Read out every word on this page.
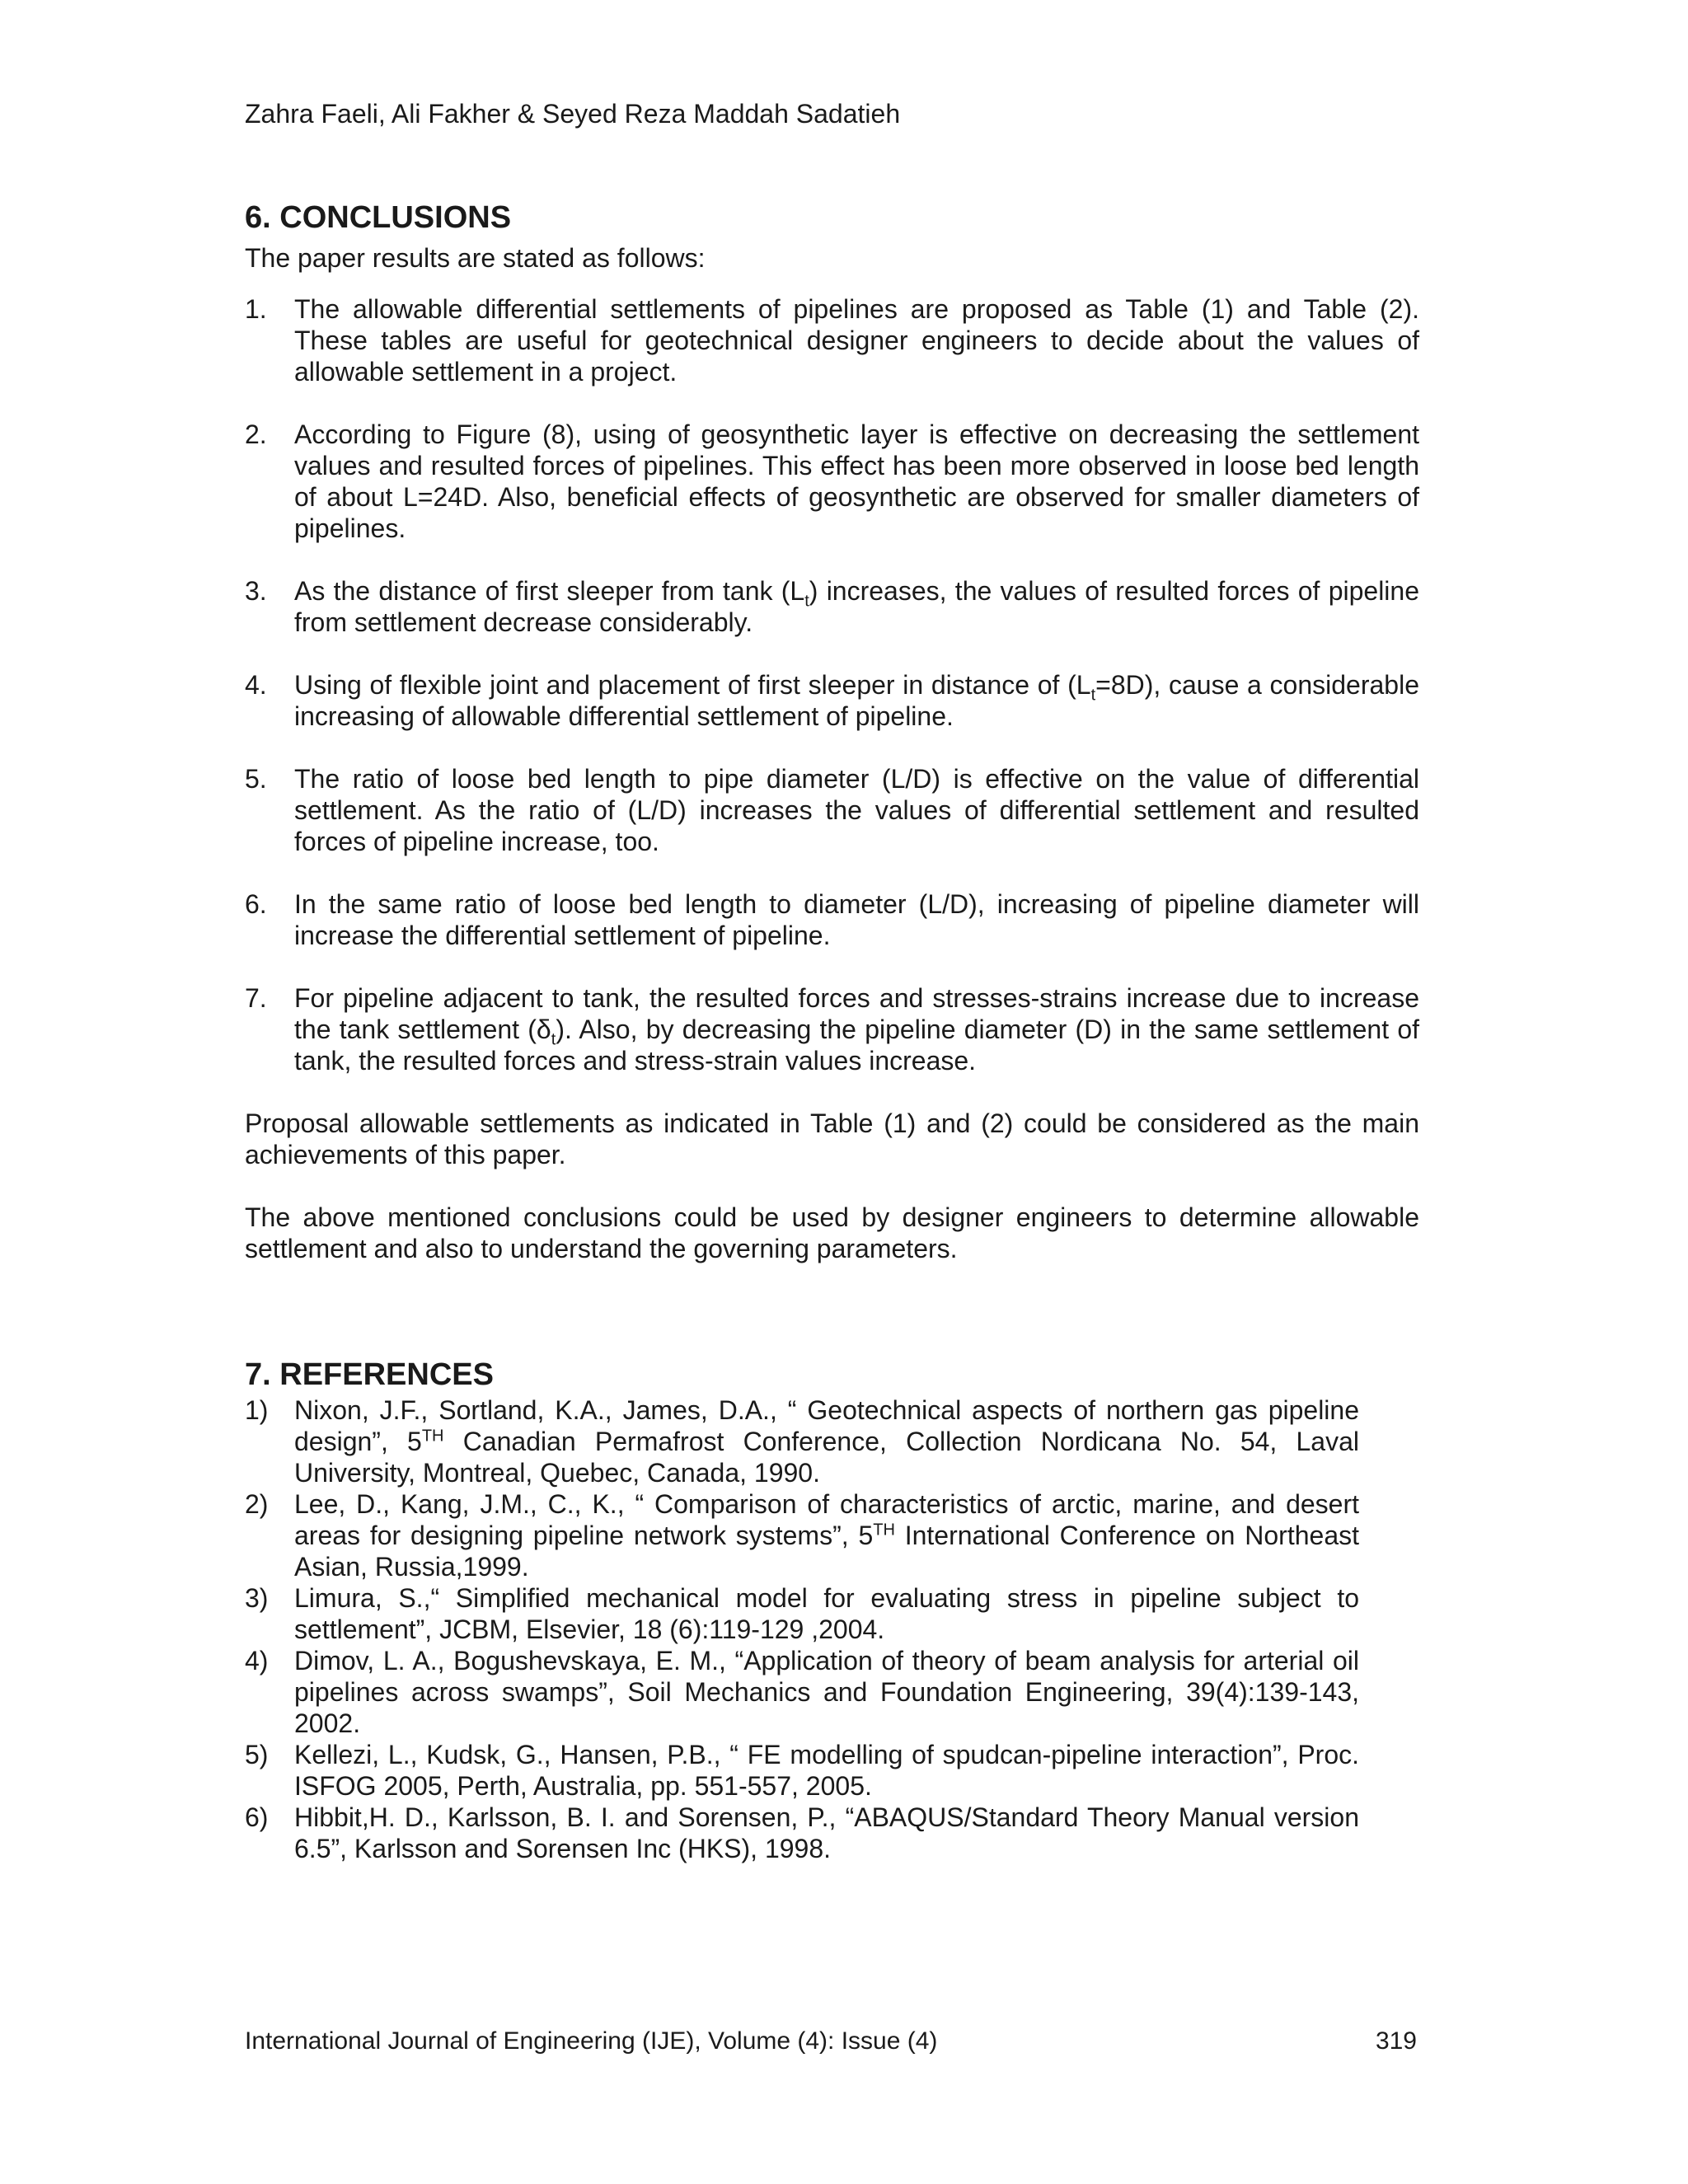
Zahra Faeli, Ali Fakher & Seyed Reza Maddah Sadatieh
6. CONCLUSIONS

The paper results are stated as follows:

1. The allowable differential settlements of pipelines are proposed as Table (1) and Table (2). These tables are useful for geotechnical designer engineers to decide about the values of allowable settlement in a project.
2. According to Figure (8), using of geosynthetic layer is effective on decreasing the settlement values and resulted forces of pipelines. This effect has been more observed in loose bed length of about L=24D. Also, beneficial effects of geosynthetic are observed for smaller diameters of pipelines.
3. As the distance of first sleeper from tank $(L_t)$ increases, the values of resulted forces of pipeline from settlement decrease considerably.
4. Using of flexible joint and placement of first sleeper in distance of $(L_t=8D)$, cause a considerable increasing of allowable differential settlement of pipeline.
5. The ratio of loose bed length to pipe diameter (L/D) is effective on the value of differential settlement. As the ratio of (L/D) increases the values of differential settlement and resulted forces of pipeline increase, too.
6. In the same ratio of loose bed length to diameter (L/D), increasing of pipeline diameter will increase the differential settlement of pipeline.
7. For pipeline adjacent to tank, the resulted forces and stresses-strains increase due to increase the tank settlement $(\delta_t)$. Also, by decreasing the pipeline diameter (D) in the same settlement of tank, the resulted forces and stress-strain values increase.

Proposal allowable settlements as indicated in Table (1) and (2) could be considered as the main achievements of this paper.

The above mentioned conclusions could be used by designer engineers to determine allowable settlement and also to understand the governing parameters.

7. REFERENCES
1) Nixon, J.F., Sortland, K.A., James, D.A., “ Geotechnical aspects of northern gas pipeline design”, 5TH Canadian Permafrost Conference, Collection Nordicana No. 54, Laval University, Montreal, Quebec, Canada, 1990.
2) Lee, D., Kang, J.M., C., K., “ Comparison of characteristics of arctic, marine, and desert areas for designing pipeline network systems”, 5TH International Conference on Northeast Asian, Russia,1999.
3) Limura, S.,“ Simplified mechanical model for evaluating stress in pipeline subject to settlement”, JCBM, Elsevier, 18 (6):119-129 ,2004.
4) Dimov, L. A., Bogushevskaya, E. M., “Application of theory of beam analysis for arterial oil pipelines across swamps”, Soil Mechanics and Foundation Engineering, 39(4):139-143, 2002.
5) Kellezi, L., Kudsk, G., Hansen, P.B., “ FE modelling of spudcan-pipeline interaction”, Proc. ISFOG 2005, Perth, Australia, pp. 551-557, 2005.
6) Hibbit,H. D., Karlsson, B. I. and Sorensen, P., “ABAQUS/Standard Theory Manual version 6.5”, Karlsson and Sorensen Inc (HKS), 1998.
International Journal of Engineering (IJE), Volume (4): Issue (4)	319
